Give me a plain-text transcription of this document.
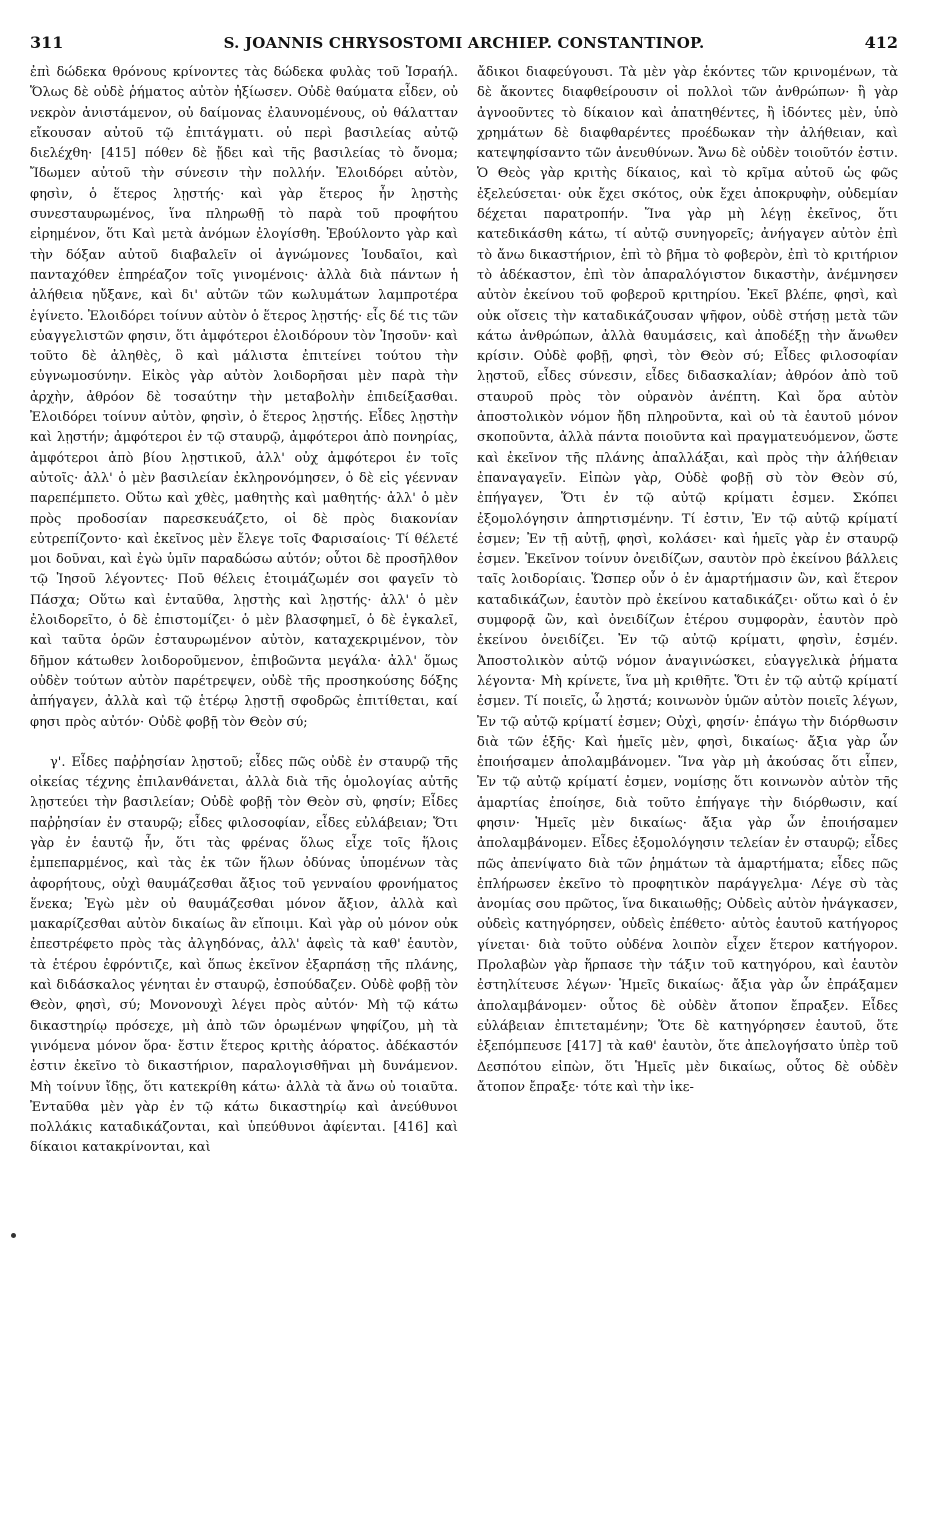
311	S. JOANNIS CHRYSOSTOMI ARCHIEP. CONSTANTINOP.	412

ἐπὶ δώδεκα θρόνους κρίνοντες τὰς δώδεκα φυλὰς τοῦ Ἰσραήλ. Ὅλως δὲ οὐδὲ ῥήματος αὐτὸν ἠξίωσεν. Οὐδὲ θαύματα εἶδεν, οὐ νεκρὸν ἀνιστάμενον, οὐ δαίμονας ἐλαυνομένους, οὐ θάλατταν εἴκουσαν αὐτοῦ τῷ ἐπιτάγματι. οὐ περὶ βασιλείας αὐτῷ διελέχθη· [415] πόθεν δὲ ᾔδει καὶ τῆς βασιλείας τὸ ὄνομα; Ἴδωμεν αὐτοῦ τὴν σύνεσιν τὴν πολλήν. Ἐλοιδόρει αὐτὸν, φησὶν, ὁ ἕτερος λῃστής· καὶ γὰρ ἕτερος ἦν λῃστὴς συνεσταυρωμένος, ἵνα πληρωθῇ τὸ παρὰ τοῦ προφήτου εἰρημένον, ὅτι Καὶ μετὰ ἀνόμων ἐλογίσθη. Ἐβούλοντο γὰρ καὶ τὴν δόξαν αὐτοῦ διαβαλεῖν οἱ ἀγνώμονες Ἰουδαῖοι, καὶ πανταχόθεν ἐπηρέαζον τοῖς γινομένοις· ἀλλὰ διὰ πάντων ἡ ἀλήθεια ηὔξανε, καὶ δι' αὐτῶν τῶν κωλυμάτων λαμπροτέρα ἐγίνετο. Ἐλοιδόρει τοίνυν αὐτὸν ὁ ἕτερος λῃστής· εἷς δέ τις τῶν εὐαγγελιστῶν φησιν, ὅτι ἀμφότεροι ἐλοιδόρουν τὸν Ἰησοῦν· καὶ τοῦτο δὲ ἀληθὲς, ὃ καὶ μάλιστα ἐπιτείνει τούτου τὴν εὐγνωμοσύνην. Εἰκὸς γὰρ αὐτὸν λοιδορῆσαι μὲν παρὰ τὴν ἀρχὴν, ἀθρόον δὲ τοσαύτην τὴν μεταβολὴν ἐπιδείξασθαι. Ἐλοιδόρει τοίνυν αὐτὸν, φησὶν, ὁ ἕτερος λῃστής. Εἶδες λῃστὴν καὶ λῃστήν; ἀμφότεροι ἐν τῷ σταυρῷ, ἀμφότεροι ἀπὸ πονηρίας, ἀμφότεροι ἀπὸ βίου λῃστικοῦ, ἀλλ' οὐχ ἀμφότεροι ἐν τοῖς αὐτοῖς· ἀλλ' ὁ μὲν βασιλείαν ἐκληρονόμησεν, ὁ δὲ εἰς γέενναν παρεπέμπετο. Οὕτω καὶ χθὲς, μαθητὴς καὶ μαθητής· ἀλλ' ὁ μὲν πρὸς προδοσίαν παρεσκευάζετο, οἱ δὲ πρὸς διακονίαν εὐτρεπίζοντο· καὶ ἐκεῖνος μὲν ἔλεγε τοῖς Φαρισαίοις· Τί θέλετέ μοι δοῦναι, καὶ ἐγὼ ὑμῖν παραδώσω αὐτόν; οὗτοι δὲ προσῆλθον τῷ Ἰησοῦ λέγοντες· Ποῦ θέλεις ἑτοιμάζωμέν σοι φαγεῖν τὸ Πάσχα; Οὕτω καὶ ἐνταῦθα, λῃστὴς καὶ λῃστής· ἀλλ' ὁ μὲν ἐλοιδορεῖτο, ὁ δὲ ἐπιστομίζει· ὁ μὲν βλασφημεῖ, ὁ δὲ ἐγκαλεῖ, καὶ ταῦτα ὁρῶν ἐσταυρωμένον αὐτὸν, καταχεκριμένον, τὸν δῆμον κάτωθεν λοιδοροῦμενον, ἐπιβοῶντα μεγάλα· ἀλλ' ὅμως οὐδὲν τούτων αὐτὸν παρέτρεψεν, οὐδὲ τῆς προσηκούσης δόξης ἀπήγαγεν, ἀλλὰ καὶ τῷ ἑτέρῳ λῃστῇ σφοδρῶς ἐπιτίθεται, καί φησι πρὸς αὐτόν· Οὐδὲ φοβῇ τὸν Θεὸν σύ;

γ'. Εἶδες παῤῥησίαν λῃστοῦ; εἶδες πῶς οὐδὲ ἐν σταυρῷ τῆς οἰκείας τέχνης ἐπιλανθάνεται, ἀλλὰ διὰ τῆς ὁμολογίας αὐτῆς λῃστεύει τὴν βασιλείαν; Οὐδὲ φοβῇ τὸν Θεὸν σὺ, φησίν; Εἶδες παῤῥησίαν ἐν σταυρῷ; εἶδες φιλοσοφίαν, εἶδες εὐλάβειαν; Ὅτι γὰρ ἐν ἑαυτῷ ἦν, ὅτι τὰς φρένας ὅλως εἶχε τοῖς ἥλοις ἐμπεπαρμένος, καὶ τὰς ἐκ τῶν ἥλων ὀδύνας ὑπομένων τὰς ἀφορήτους, οὐχὶ θαυμάζεσθαι ἄξιος τοῦ γενναίου φρονήματος ἕνεκα; Ἐγὼ μὲν οὐ θαυμάζεσθαι μόνον ἄξιον, ἀλλὰ καὶ μακαρίζεσθαι αὐτὸν δικαίως ἂν εἴποιμι. Καὶ γὰρ οὐ μόνον οὐκ ἐπεστρέφετο πρὸς τὰς ἀλγηδόνας, ἀλλ' ἀφεὶς τὰ καθ' ἑαυτὸν, τὰ ἑτέρου ἐφρόντιζε, καὶ ὅπως ἐκεῖνον ἐξαρπάσῃ τῆς πλάνης, καὶ διδάσκαλος γένηται ἐν σταυρῷ, ἐσπούδαζεν. Οὐδὲ φοβῇ τὸν Θεὸν, φησὶ, σύ; Μονονουχὶ λέγει πρὸς αὐτόν· Μὴ τῷ κάτω δικαστηρίῳ πρόσεχε, μὴ ἀπὸ τῶν ὁρωμένων ψηφίζου, μὴ τὰ γινόμενα μόνον ὅρα· ἔστιν ἕτερος κριτὴς ἀόρατος. ἀδέκαστόν ἐστιν ἐκεῖνο τὸ δικαστήριον, παραλογισθῆναι μὴ δυνάμενον. Μὴ τοίνυν ἴδῃς, ὅτι κατεκρίθη κάτω· ἀλλὰ τὰ ἄνω οὐ τοιαῦτα. Ἐνταῦθα μὲν γὰρ ἐν τῷ κάτω δικαστηρίῳ καὶ ἀνεύθυνοι πολλάκις καταδικάζονται, καὶ ὑπεύθυνοι ἀφίενται. [416] καὶ δίκαιοι κατακρίνονται, καὶ

ἄδικοι διαφεύγουσι. Τὰ μὲν γὰρ ἑκόντες τῶν κρινομένων, τὰ δὲ ἄκοντες διαφθείρουσιν οἱ πολλοὶ τῶν ἀνθρώπων· ἢ γὰρ ἀγνοοῦντες τὸ δίκαιον καὶ ἀπατηθέντες, ἢ ἰδόντες μὲν, ὑπὸ χρημάτων δὲ διαφθαρέντες προέδωκαν τὴν ἀλήθειαν, καὶ κατεψηφίσαντο τῶν ἀνευθύνων. Ἄνω δὲ οὐδὲν τοιοῦτόν ἐστιν. Ὁ Θεὸς γὰρ κριτὴς δίκαιος, καὶ τὸ κρῖμα αὐτοῦ ὡς φῶς ἐξελεύσεται· οὐκ ἔχει σκότος, οὐκ ἔχει ἀποκρυφὴν, οὐδεμίαν δέχεται παρατροπήν. Ἵνα γὰρ μὴ λέγῃ ἐκεῖνος, ὅτι κατεδικάσθη κάτω, τί αὐτῷ συνηγορεῖς; ἀνήγαγεν αὐτὸν ἐπὶ τὸ ἄνω δικαστήριον, ἐπὶ τὸ βῆμα τὸ φοβερὸν, ἐπὶ τὸ κριτήριον τὸ ἀδέκαστον, ἐπὶ τὸν ἀπαραλόγιστον δικαστὴν, ἀνέμνησεν αὐτὸν ἐκείνου τοῦ φοβεροῦ κριτηρίου. Ἐκεῖ βλέπε, φησὶ, καὶ οὐκ οἴσεις τὴν καταδικάζουσαν ψῆφον, οὐδὲ στήσῃ μετὰ τῶν κάτω ἀνθρώπων, ἀλλὰ θαυμάσεις, καὶ ἀποδέξῃ τὴν ἄνωθεν κρίσιν. Οὐδὲ φοβῇ, φησὶ, τὸν Θεὸν σύ; Εἶδες φιλοσοφίαν λῃστοῦ, εἶδες σύνεσιν, εἶδες διδασκαλίαν; ἀθρόον ἀπὸ τοῦ σταυροῦ πρὸς τὸν οὐρανὸν ἀνέπτη. Καὶ ὅρα αὐτὸν ἀποστολικὸν νόμον ἤδη πληροῦντα, καὶ οὐ τὰ ἑαυτοῦ μόνον σκοποῦντα, ἀλλὰ πάντα ποιοῦντα καὶ πραγματευόμενον, ὥστε καὶ ἐκεῖνον τῆς πλάνης ἀπαλλάξαι, καὶ πρὸς τὴν ἀλήθειαν ἐπαναγαγεῖν. Εἰπὼν γὰρ, Οὐδὲ φοβῇ σὺ τὸν Θεὸν σύ, ἐπήγαγεν, Ὅτι ἐν τῷ αὐτῷ κρίματι ἐσμεν. Σκόπει ἐξομολόγησιν ἀπηρτισμένην. Τί ἐστιν, Ἐν τῷ αὐτῷ κρίματί ἐσμεν; Ἐν τῇ αὐτῇ, φησὶ, κολάσει· καὶ ἡμεῖς γὰρ ἐν σταυρῷ ἐσμεν. Ἐκεῖνον τοίνυν ὀνειδίζων, σαυτὸν πρὸ ἐκείνου βάλλεις ταῖς λοιδορίαις. Ὥσπερ οὖν ὁ ἐν ἁμαρτήμασιν ὢν, καὶ ἕτερον καταδικάζων, ἑαυτὸν πρὸ ἐκείνου καταδικάζει· οὕτω καὶ ὁ ἐν συμφορᾷ ὢν, καὶ ὀνειδίζων ἑτέρου συμφορὰν, ἑαυτὸν πρὸ ἐκείνου ὀνειδίζει. Ἐν τῷ αὐτῷ κρίματι, φησὶν, ἐσμέν. Ἀποστολικὸν αὐτῷ νόμον ἀναγινώσκει, εὐαγγελικὰ ῥήματα λέγοντα· Μὴ κρίνετε, ἵνα μὴ κριθῆτε. Ὅτι ἐν τῷ αὐτῷ κρίματί ἐσμεν. Τί ποιεῖς, ὦ λῃστά; κοινωνὸν ὑμῶν αὐτὸν ποιεῖς λέγων, Ἐν τῷ αὐτῷ κρίματί ἐσμεν; Οὐχὶ, φησίν· ἐπάγω τὴν διόρθωσιν διὰ τῶν ἑξῆς· Καὶ ἡμεῖς μὲν, φησὶ, δικαίως· ἄξια γὰρ ὧν ἐποιήσαμεν ἀπολαμβάνομεν. Ἵνα γὰρ μὴ ἀκούσας ὅτι εἶπεν, Ἐν τῷ αὐτῷ κρίματί ἐσμεν, νομίσῃς ὅτι κοινωνὸν αὐτὸν τῆς ἁμαρτίας ἐποίησε, διὰ τοῦτο ἐπήγαγε τὴν διόρθωσιν, καί φησιν· Ἡμεῖς μὲν δικαίως· ἄξια γὰρ ὧν ἐποιήσαμεν ἀπολαμβάνομεν. Εἶδες ἐξομολόγησιν τελείαν ἐν σταυρῷ; εἶδες πῶς ἀπενίψατο διὰ τῶν ῥημάτων τὰ ἁμαρτήματα; εἶδες πῶς ἐπλήρωσεν ἐκεῖνο τὸ προφητικὸν παράγγελμα· Λέγε σὺ τὰς ἀνομίας σου πρῶτος, ἵνα δικαιωθῇς; Οὐδεὶς αὐτὸν ἠνάγκασεν, οὐδεὶς κατηγόρησεν, οὐδεὶς ἐπέθετο· αὐτὸς ἑαυτοῦ κατήγορος γίνεται· διὰ τοῦτο οὐδένα λοιπὸν εἶχεν ἕτερον κατήγορον. Προλαβὼν γὰρ ἥρπασε τὴν τάξιν τοῦ κατηγόρου, καὶ ἑαυτὸν ἐστηλίτευσε λέγων· Ἡμεῖς δικαίως· ἄξια γὰρ ὧν ἐπράξαμεν ἀπολαμβάνομεν· οὗτος δὲ οὐδὲν ἄτοπον ἔπραξεν. Εἶδες εὐλάβειαν ἐπιτεταμένην; Ὅτε δὲ κατηγόρησεν ἑαυτοῦ, ὅτε ἐξεπόμπευσε [417] τὰ καθ' ἑαυτὸν, ὅτε ἀπελογήσατο ὑπὲρ τοῦ Δεσπότου εἰπὼν, ὅτι Ἡμεῖς μὲν δικαίως, οὗτος δὲ οὐδὲν ἄτοπον ἔπραξε· τότε καὶ τὴν ἱκε-
